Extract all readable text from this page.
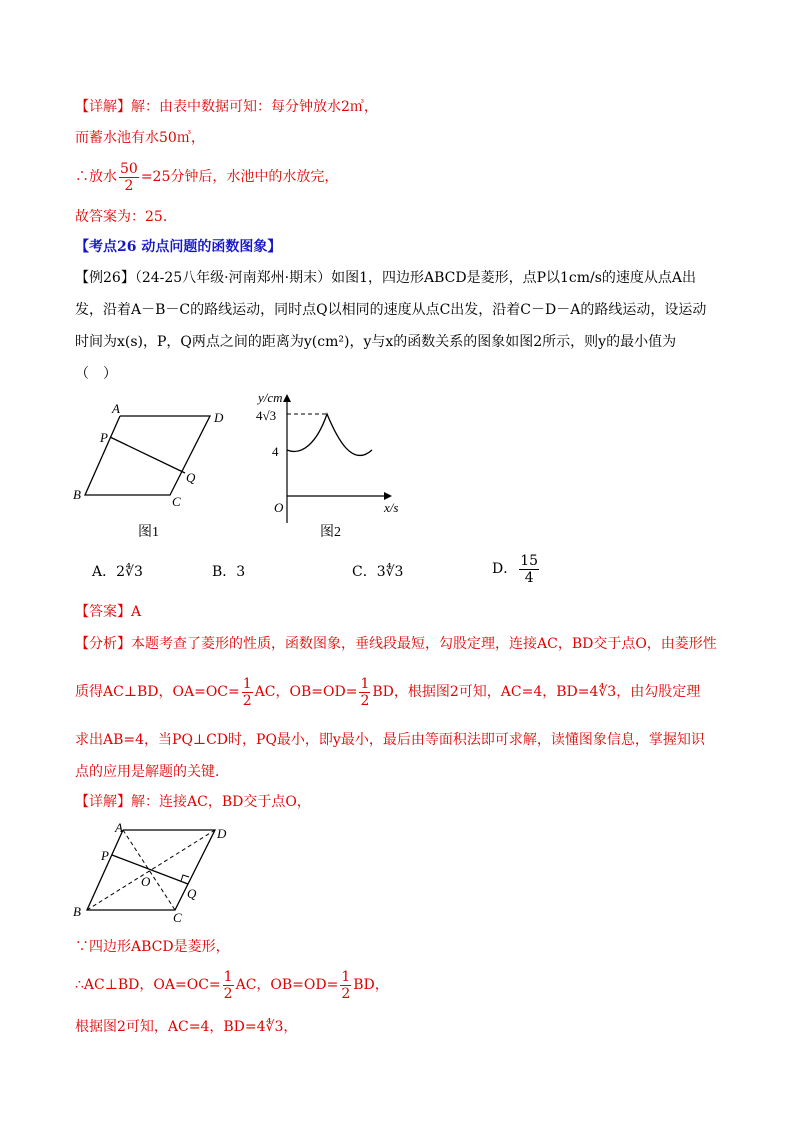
【详解】解：由表中数据可知：每分钟放水2㎥，
而蓄水池有水50㎥，
∴放水 $\frac{50}{2} =25$分钟后，水池中的水放完，
故答案为：25．
【考点26 动点问题的函数图象】
【例26】（24-25八年级·河南郑州·期末）如图1，四边形ABCD是菱形，点P以1cm/s的速度从点A出
发，沿着A－B－C的路线运动，同时点Q以相同的速度从点C出发，沿着C－D－A的路线运动，设运动
时间为x(s)，P，Q两点之间的距离为y(cm²)，y与x的函数关系的图象如图2所示，则y的最小值为
（　）
A
D
P
Q
B	C
图1
y/cm
4√3
4
O	x/s
图2
A．2∜3	B．3	C．3∜3	D． $\frac{15}{4}$
【答案】A
【分析】本题考查了菱形的性质，函数图象，垂线段最短，勾股定理，连接AC，BD交于点O，由菱形性
质得AC⊥BD，$OA=OC= \frac{1}{2}$ AC，$OB=OD= \frac{1}{2}$ BD，根据图2可知，AC=4，BD=4∜3，由勾股定理
求出AB=4，当PQ⊥CD时，PQ最小，即y最小，最后由等面积法即可求解，读懂图象信息，掌握知识
点的应用是解题的关键．
【详解】解：连接AC，BD交于点O，
A	D
P
O
Q
B	C
∵四边形ABCD是菱形，
∴AC⊥BD，$OA=OC= \frac{1}{2}$ AC，$OB=OD= \frac{1}{2}$ BD，
根据图2可知，AC=4，BD=4∜3，
